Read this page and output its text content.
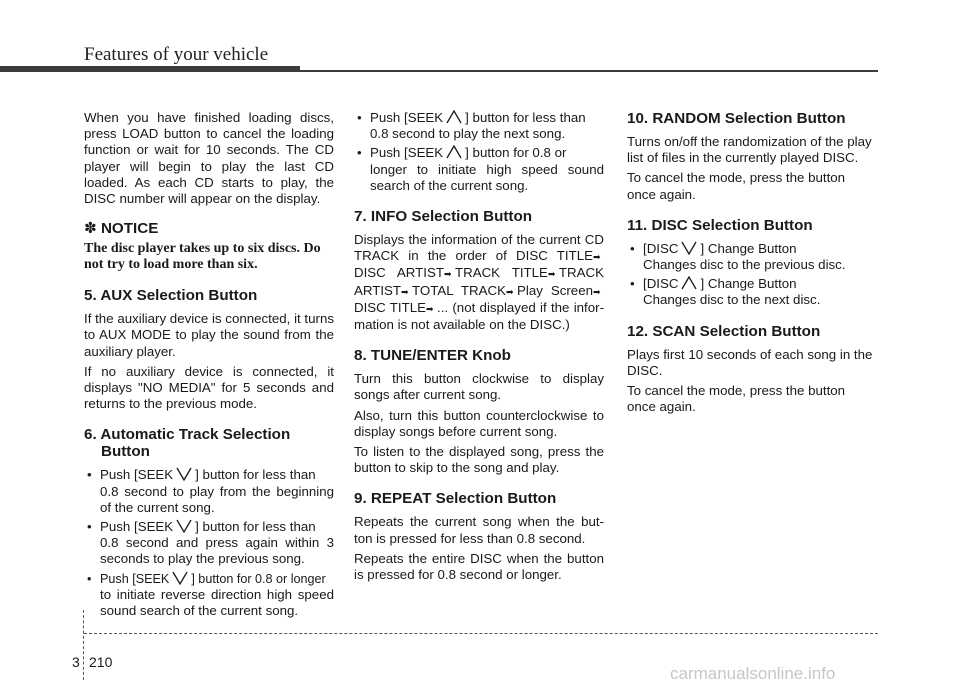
Features of your vehicle

When you have finished loading discs, press LOAD button to cancel the loading function or wait for 10 seconds. The CD player will begin to play the last CD loaded. As each CD starts to play, the DISC number will appear on the display.

✽ NOTICE

The disc player takes up to six discs. Do not try to load more than six.

5. AUX Selection Button

If the auxiliary device is connected, it turns to AUX MODE to play the sound from the auxiliary player.

If no auxiliary device is connected, it displays "NO MEDIA" for 5 seconds and returns to the previous mode.

6. Automatic Track Selection
Button
• Push [SEEK ] button for less than
0.8 second to play from the beginning of the current song.
• Push [SEEK ] button for less than
0.8 second and press again within 3 seconds to play the previous song.
• Push [SEEK ] button for 0.8 or longer
to initiate reverse direction high speed sound search of the current song.
• Push [SEEK ] button for less than
0.8 second to play the next song.
• Push [SEEK ] button for 0.8 or
longer to initiate high speed sound search of the current song.
7. INFO Selection Button

Displays the information of the current CD TRACK in the order of DISC TITLE➡ DISC ARTIST➡ TRACK TITLE➡ TRACK ARTIST➡ TOTAL TRACK➡ Play Screen➡ DISC TITLE➡ ... (not displayed if the infor- mation is not available on the DISC.)

8. TUNE/ENTER Knob

Turn this button clockwise to display songs after current song.

Also, turn this button counterclockwise to display songs before current song.

To listen to the displayed song, press the button to skip to the song and play.

9. REPEAT Selection Button

Repeats the current song when the but- ton is pressed for less than 0.8 second.

Repeats the entire DISC when the button is pressed for 0.8 second or longer.

10. RANDOM Selection Button

Turns on/off the randomization of the play list of files in the currently played DISC.

To cancel the mode, press the button once again.

11. DISC Selection Button
• [DISC ] Change Button
Changes disc to the previous disc.
• [DISC ] Change Button
Changes disc to the next disc.
12. SCAN Selection Button

Plays first 10 seconds of each song in the DISC.

To cancel the mode, press the button once again.

3 210
carmanualsonline.info
